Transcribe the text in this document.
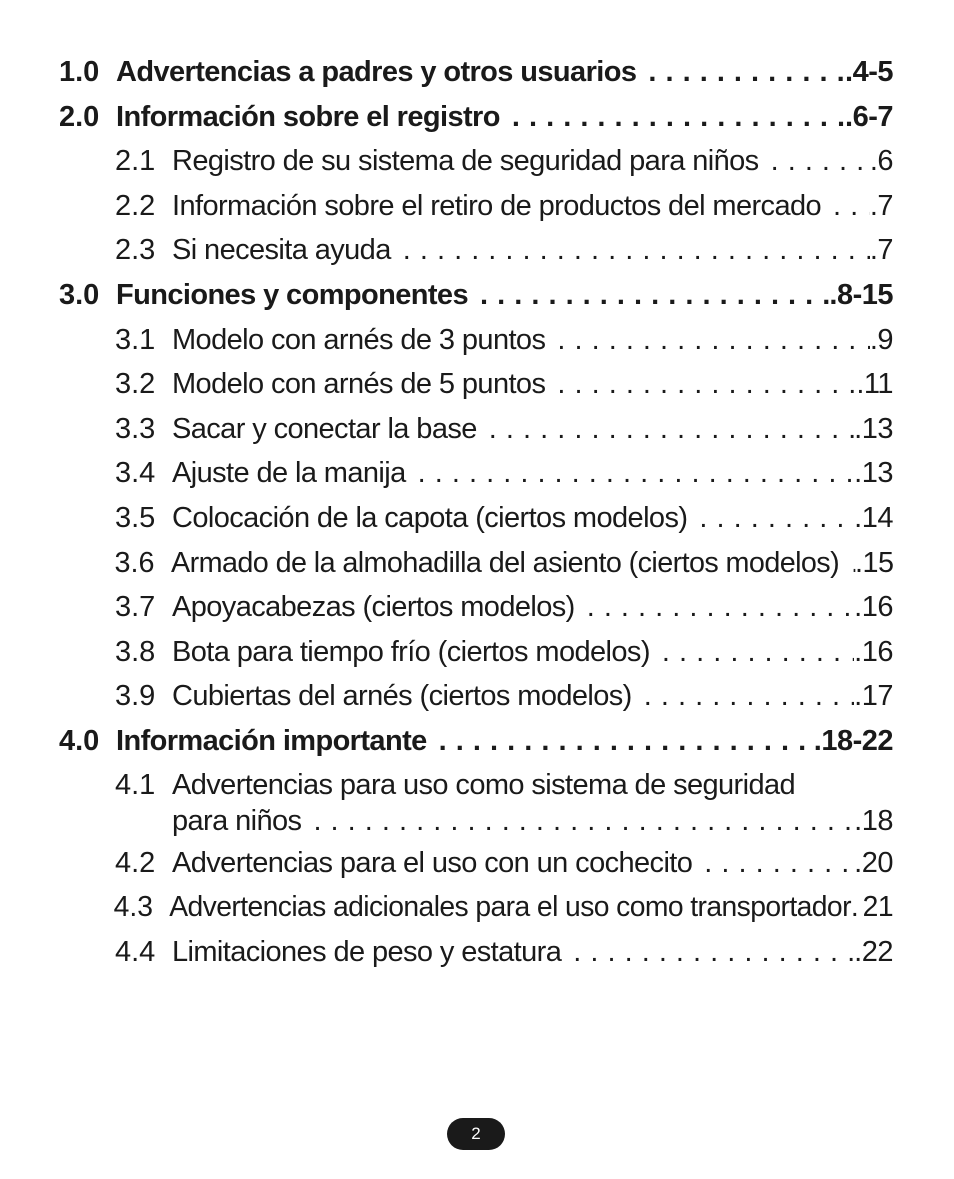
1.0 Advertencias a padres y otros usuarios . . .	.4-5
2.0 Información sobre el registro . . .	.6-7
2.1 Registro de su sistema de seguridad para niños . . .	.6
2.2 Información sobre el retiro de productos del mercado . . . .7
2.3 Si necesita ayuda . . .	.7
3.0 Funciones y componentes . . .	.8-15
3.1 Modelo con arnés de 3 puntos . . .	.9
3.2 Modelo con arnés de 5 puntos . . .	.11
3.3 Sacar y conectar la base . . .	.13
3.4 Ajuste de la manija . . .	.13
3.5 Colocación de la capota (ciertos modelos) . . .	.14
3.6 Armado de la almohadilla del asiento (ciertos modelos) . . . .15
3.7 Apoyacabezas (ciertos modelos) . . .	.16
3.8 Bota para tiempo frío (ciertos modelos) . . .	.16
3.9 Cubiertas del arnés (ciertos modelos) . . .	.17
4.0 Información importante . . .	.18-22
4.1 Advertencias para uso como sistema de seguridad
para niños . . .	.18
4.2 Advertencias para el uso con un cochecito . . .	.20
4.3 Advertencias adicionales para el uso como transportador . . . 21
4.4 Limitaciones de peso y estatura . . .	.22
2
